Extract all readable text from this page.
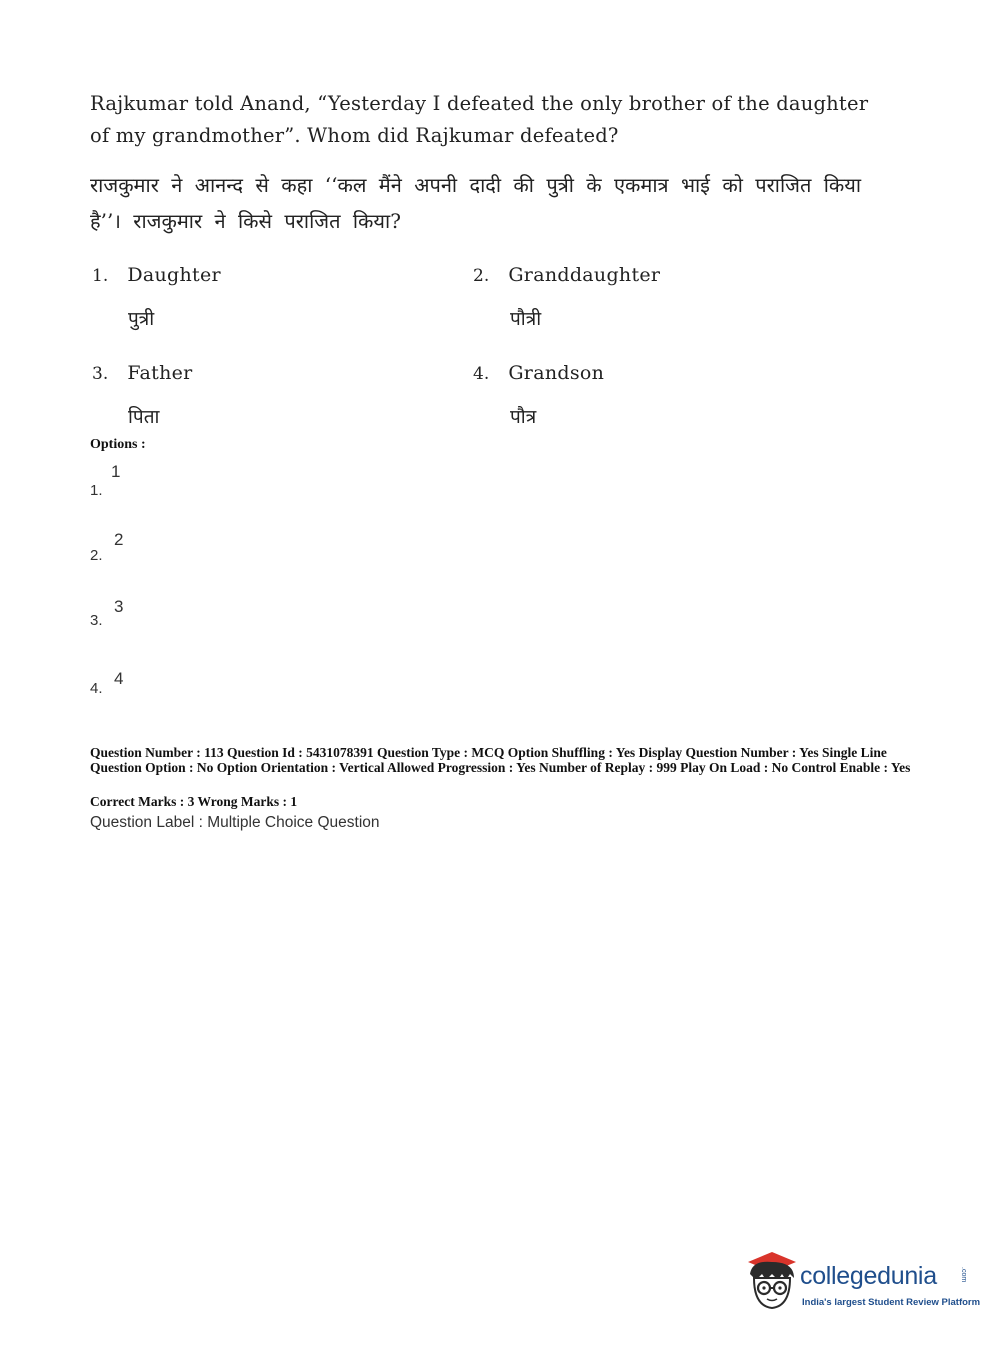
Rajkumar told Anand, “Yesterday I defeated the only brother of the daughter of my grandmother”. Whom did Rajkumar defeated?
राजकुमार ने आनन्द से कहा ‘‘कल मैंने अपनी दादी की पुत्री के एकमात्र भाई को पराजित किया है’’। राजकुमार ने किसे पराजित किया?
1. Daughter
पुत्री
2. Granddaughter
पौत्री
3. Father
पिता
4. Grandson
पौत्र
Options :
1.
1
2.
2
3.
3
4.
4
Question Number : 113 Question Id : 5431078391 Question Type : MCQ Option Shuffling : Yes Display Question Number : Yes Single Line Question Option : No Option Orientation : Vertical Allowed Progression : Yes Number of Replay : 999 Play On Load : No Control Enable : Yes
Correct Marks : 3 Wrong Marks : 1
Question Label : Multiple Choice Question
collegedunia	.com
India's largest Student Review Platform
